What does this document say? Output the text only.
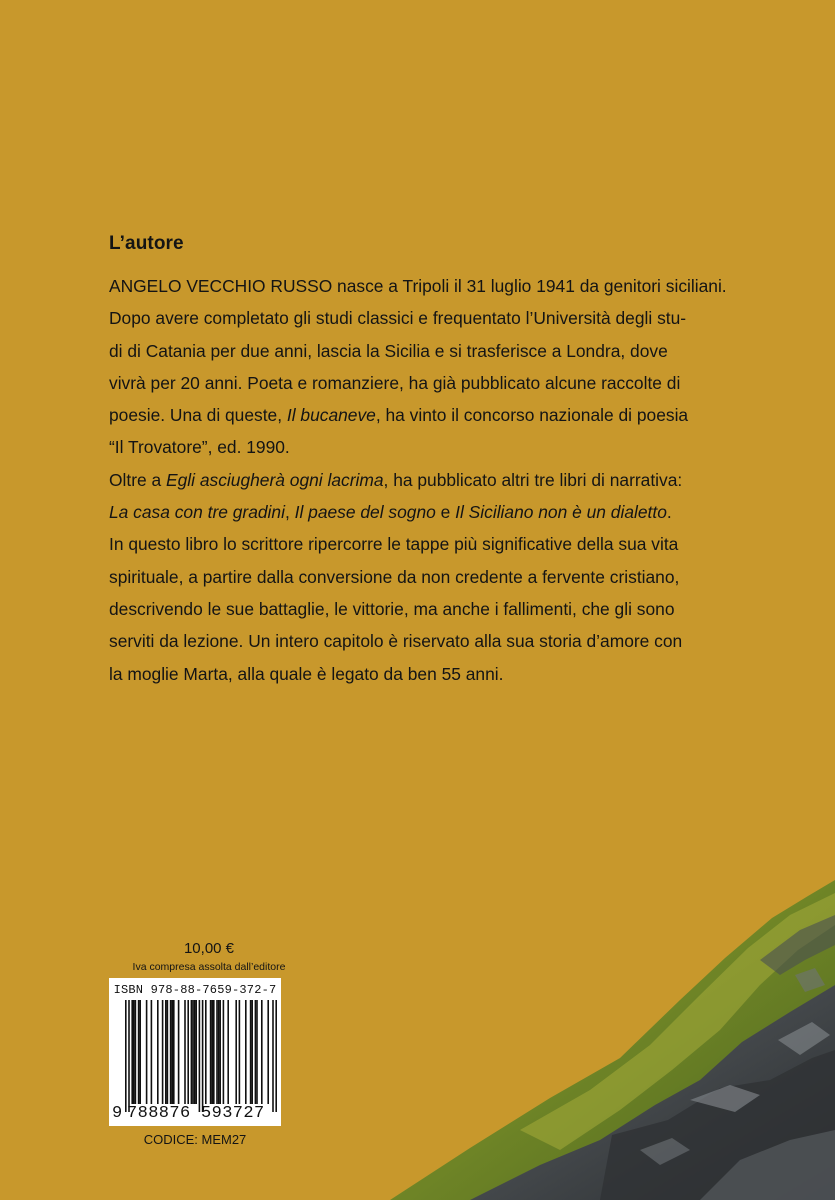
L’autore

ANGELO VECCHIO RUSSO nasce a Tripoli il 31 luglio 1941 da genitori siciliani.
Dopo avere completato gli studi classici e frequentato l’Università degli stu-
di di Catania per due anni, lascia la Sicilia e si trasferisce a Londra, dove
vivrà per 20 anni. Poeta e romanziere, ha già pubblicato alcune raccolte di
poesie. Una di queste, Il bucaneve, ha vinto il concorso nazionale di poesia
“Il Trovatore”, ed. 1990.
Oltre a Egli asciugherà ogni lacrima, ha pubblicato altri tre libri di narrativa:
La casa con tre gradini, Il paese del sogno e Il Siciliano non è un dialetto.
In questo libro lo scrittore ripercorre le tappe più significative della sua vita
spirituale, a partire dalla conversione da non credente a fervente cristiano,
descrivendo le sue battaglie, le vittorie, ma anche i fallimenti, che gli sono
serviti da lezione. Un intero capitolo è riservato alla sua storia d’amore con
la moglie Marta, alla quale è legato da ben 55 anni.

10,00 €
Iva compresa assolta dall’editore
ISBN 978-88-7659-372-7
9 788876 593727
CODICE: MEM27
